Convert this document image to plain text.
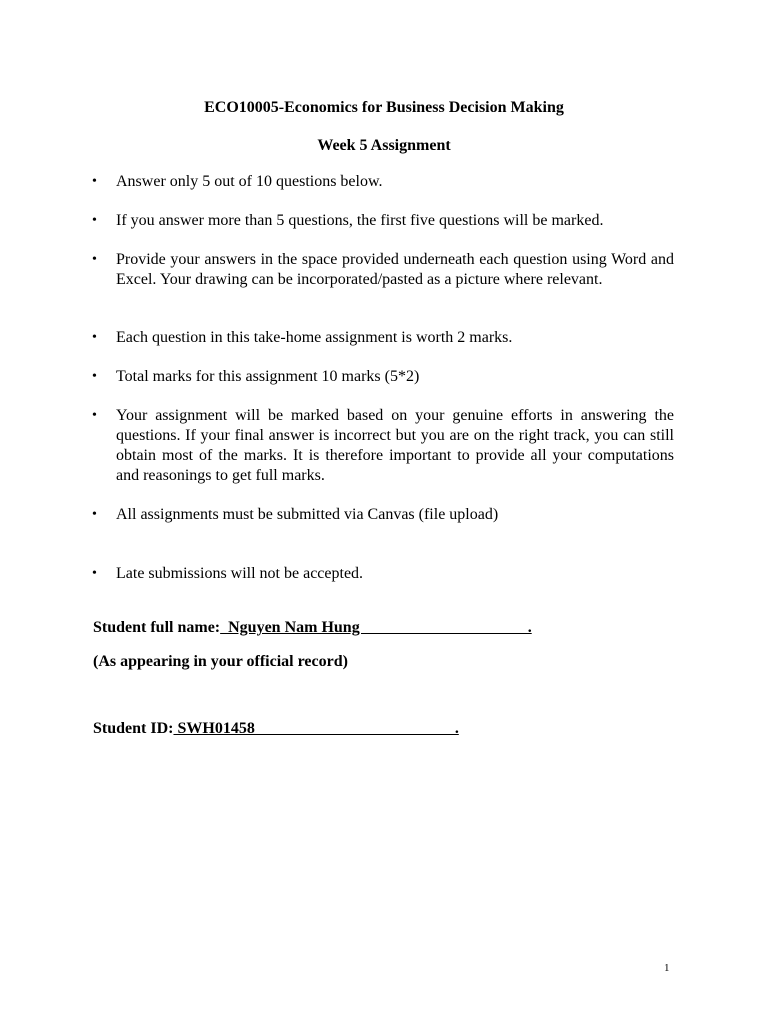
ECO10005-Economics for Business Decision Making
Week 5 Assignment
•	Answer only 5 out of 10 questions below.
•	If you answer more than 5 questions, the first five questions will be marked.
•	Provide your answers in the space provided underneath each question using Word and Excel. Your drawing can be incorporated/pasted as a picture where relevant.
•	Each question in this take-home assignment is worth 2 marks.
•	Total marks for this assignment 10 marks (5*2)
•	Your assignment will be marked based on your genuine efforts in answering the questions. If your final answer is incorrect but you are on the right track, you can still obtain most of the marks. It is therefore important to provide all your computations and reasonings to get full marks.
•	All assignments must be submitted via Canvas (file upload)
•	Late submissions will not be accepted.
Student full name:  Nguyen Nam Hung                                          .
(As appearing in your official record)
Student ID: SWH01458                                                  .
1
